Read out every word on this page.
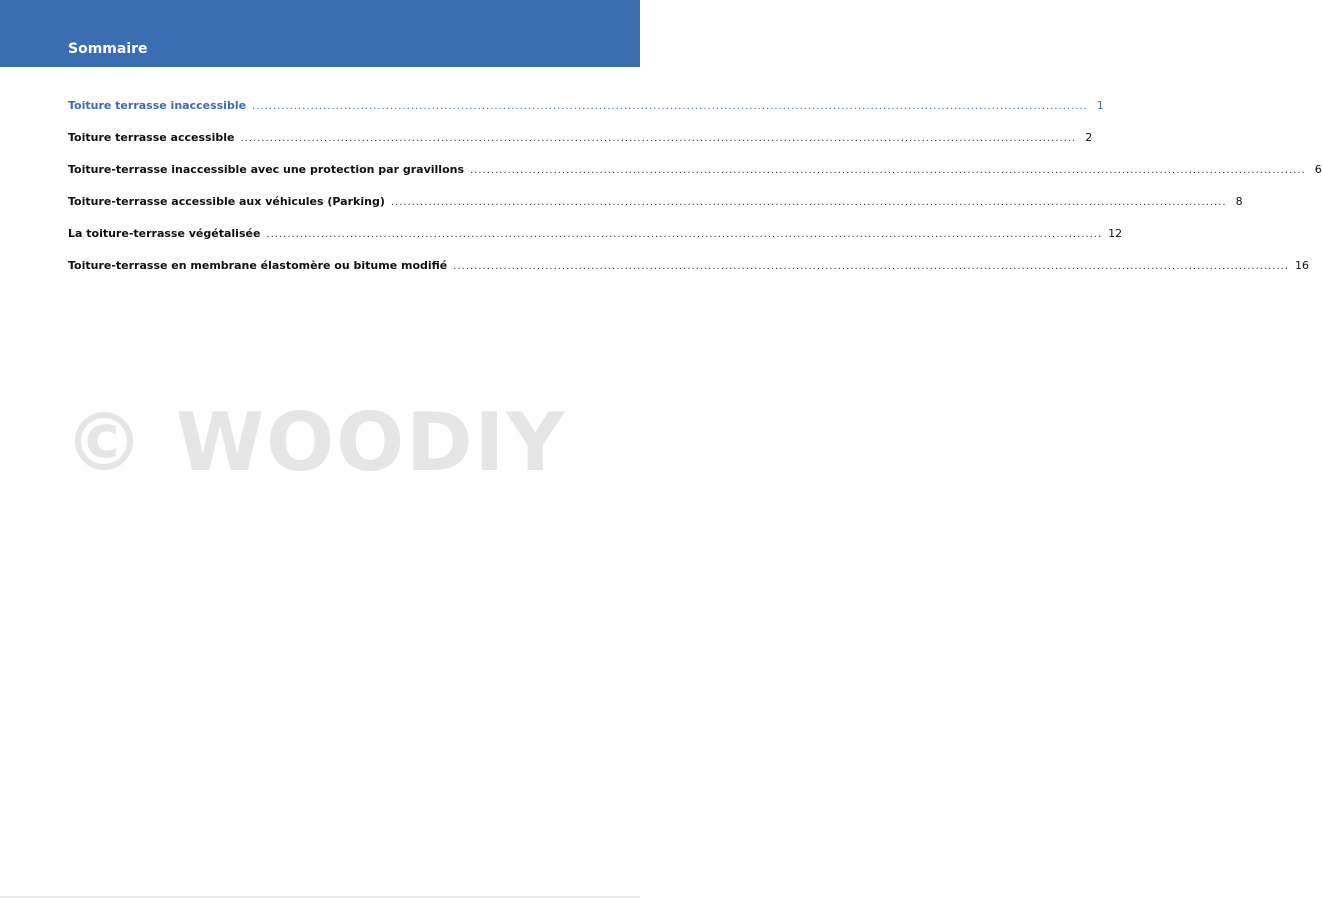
Sommaire
Toiture terrasse inaccessible ........................................................................................................................................................................................................ 1
Toiture terrasse accessible ........................................................................................................................................................................................................ 2
Toiture-terrasse inaccessible avec une protection par gravillons ........................................................................................................................................................................................................ 6
Toiture-terrasse accessible aux véhicules (Parking) ........................................................................................................................................................................................................ 8
La toiture-terrasse végétalisée ........................................................................................................................................................................................................ 12
Toiture-terrasse en membrane élastomère ou bitume modifié ........................................................................................................................................................................................................ 16
© WOODIY
